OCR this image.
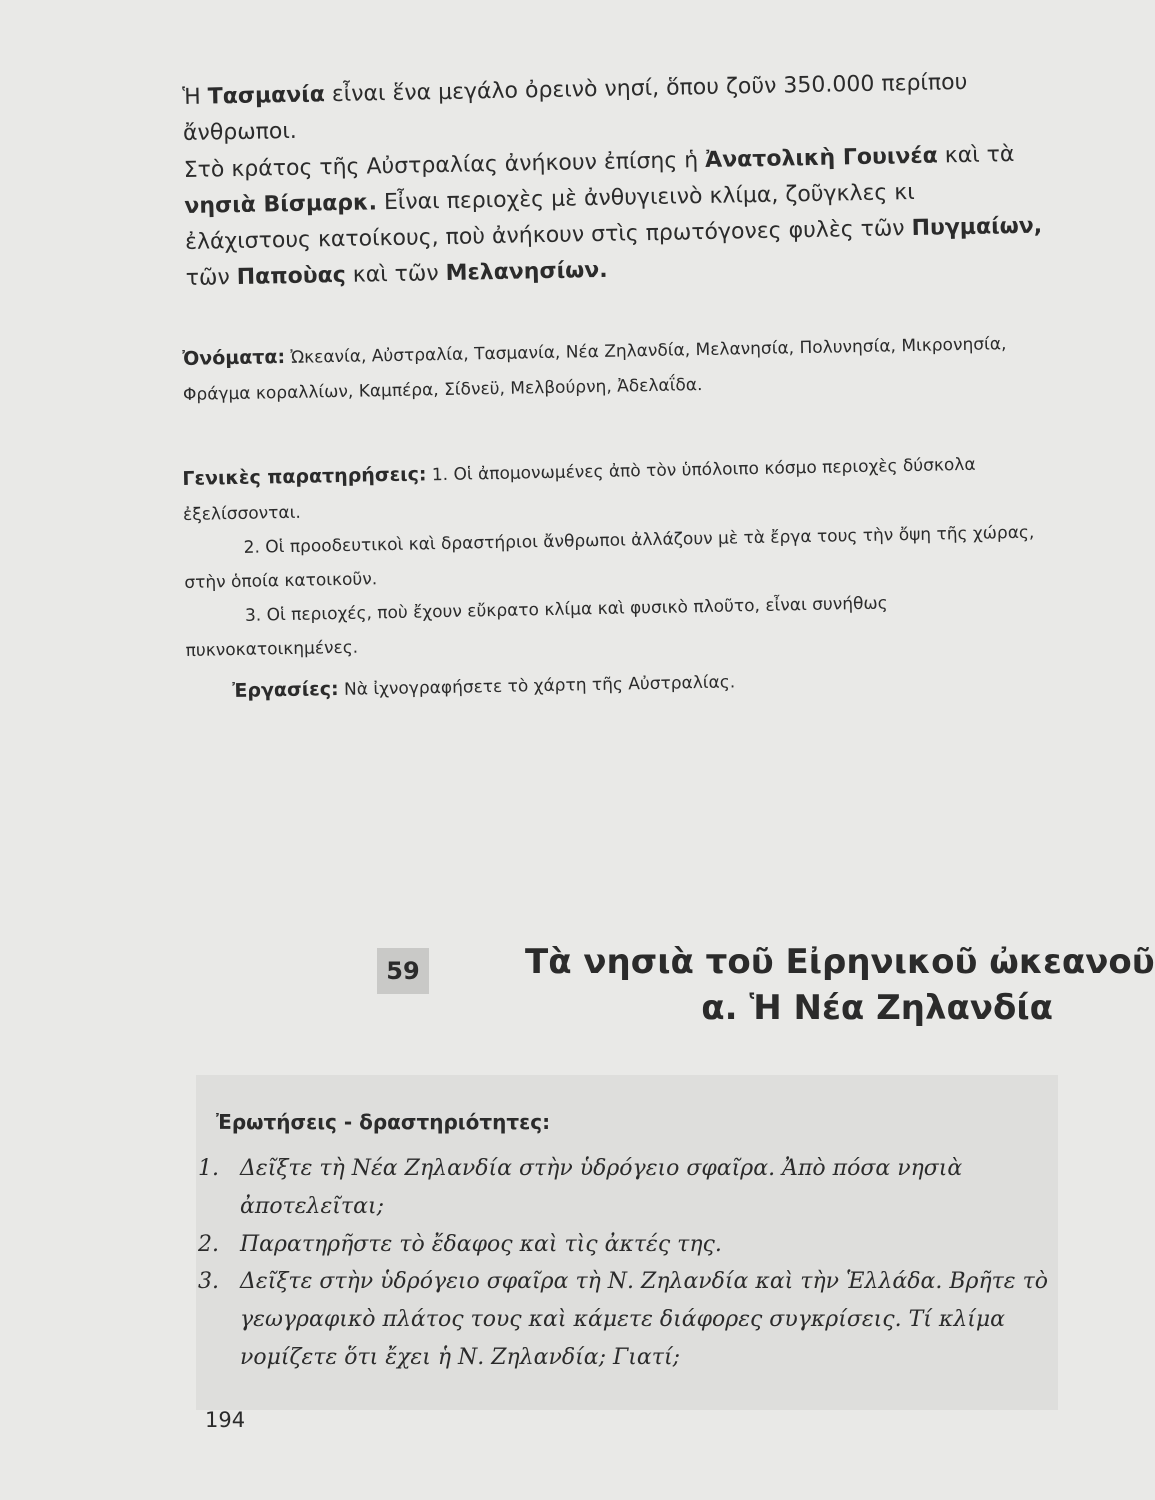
Ἡ Τασμανία εἶναι ἕνα μεγάλο ὀρεινὸ νησί, ὅπου ζοῦν 350.000 περίπου ἄνθρωποι.
Στὸ κράτος τῆς Αὐστραλίας ἀνήκουν ἐπίσης ἡ Ἀνατολικὴ Γουινέα καὶ τὰ νησιὰ Βίσμαρκ. Εἶναι περιοχὲς μὲ ἀνθυγιεινὸ κλίμα, ζοῦγκλες κι ἐλάχιστους κατοίκους, ποὺ ἀνήκουν στὶς πρωτόγονες φυλὲς τῶν Πυγμαίων, τῶν Παποὺας καὶ τῶν Μελανησίων.
Ὀνόματα: Ὠκεανία, Αὐστραλία, Τασμανία, Νέα Ζηλανδία, Μελανησία, Πολυνησία, Μικρονησία, Φράγμα κοραλλίων, Καμπέρα, Σίδνεϋ, Μελβούρνη, Ἀδελαΐδα.

Γενικὲς παρατηρήσεις: 1. Οἱ ἀπομονωμένες ἀπὸ τὸν ὑπόλοιπο κόσμο περιοχὲς δύσκολα ἐξελίσσονται.

2. Οἱ προοδευτικοὶ καὶ δραστήριοι ἄνθρωποι ἀλλάζουν μὲ τὰ ἔργα τους τὴν ὄψη τῆς χώρας, στὴν ὁποία κατοικοῦν.

3. Οἱ περιοχές, ποὺ ἔχουν εὔκρατο κλίμα καὶ φυσικὸ πλοῦτο, εἶναι συνήθως πυκνοκατοικημένες.

Ἐργασίες: Νὰ ἰχνογραφήσετε τὸ χάρτη τῆς Αὐστραλίας.
59	Τὰ νησιὰ τοῦ Εἰρηνικοῦ ὠκεανοῦ
α. Ἡ Νέα Ζηλανδία
Ἐρωτήσεις - δραστηριότητες:
1. Δεῖξτε τὴ Νέα Ζηλανδία στὴν ὑδρόγειο σφαῖρα. Ἀπὸ πόσα νησιὰ ἀποτελεῖται;
2. Παρατηρῆστε τὸ ἔδαφος καὶ τὶς ἀκτές της.
3. Δεῖξτε στὴν ὑδρόγειο σφαῖρα τὴ Ν. Ζηλανδία καὶ τὴν Ἑλλάδα. Βρῆτε τὸ γεωγραφικὸ πλάτος τους καὶ κάμετε διάφορες συγκρίσεις. Τί κλίμα νομίζετε ὅτι ἔχει ἡ Ν. Ζηλανδία; Γιατί;
194
